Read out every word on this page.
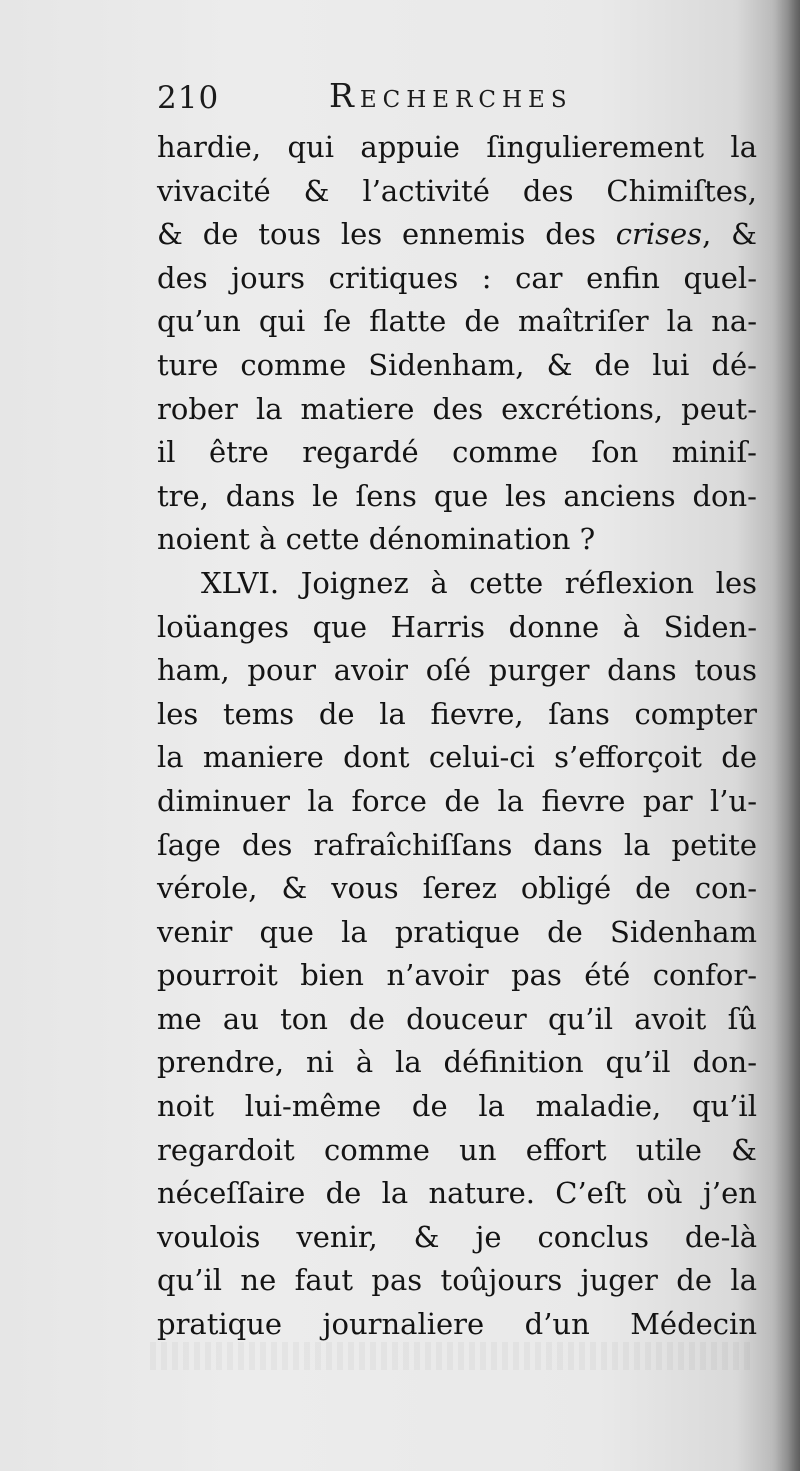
210	Recherches
hardie, qui appuie ſingulierement la
vivacité & l’activité des Chimiſtes,
& de tous les ennemis des crises, &
des jours critiques : car enfin quel-
qu’un qui ſe flatte de maîtriſer la na-
ture comme Sidenham, & de lui dé-
rober la matiere des excrétions, peut-
il être regardé comme ſon miniſ-
tre, dans le ſens que les anciens don-
noient à cette dénomination ?
XLVI. Joignez à cette réflexion les
loüanges que Harris donne à Siden-
ham, pour avoir oſé purger dans tous
les tems de la fievre, ſans compter
la maniere dont celui-ci s’efforçoit de
diminuer la force de la fievre par l’u-
ſage des rafraîchiſſans dans la petite
vérole, & vous ſerez obligé de con-
venir que la pratique de Sidenham
pourroit bien n’avoir pas été confor-
me au ton de douceur qu’il avoit ſû
prendre, ni à la définition qu’il don-
noit lui-même de la maladie, qu’il
regardoit comme un effort utile &
néceſſaire de la nature. C’eſt où j’en
voulois venir, & je conclus de-là
qu’il ne faut pas toûjours juger de la
pratique journaliere d’un Médecin
